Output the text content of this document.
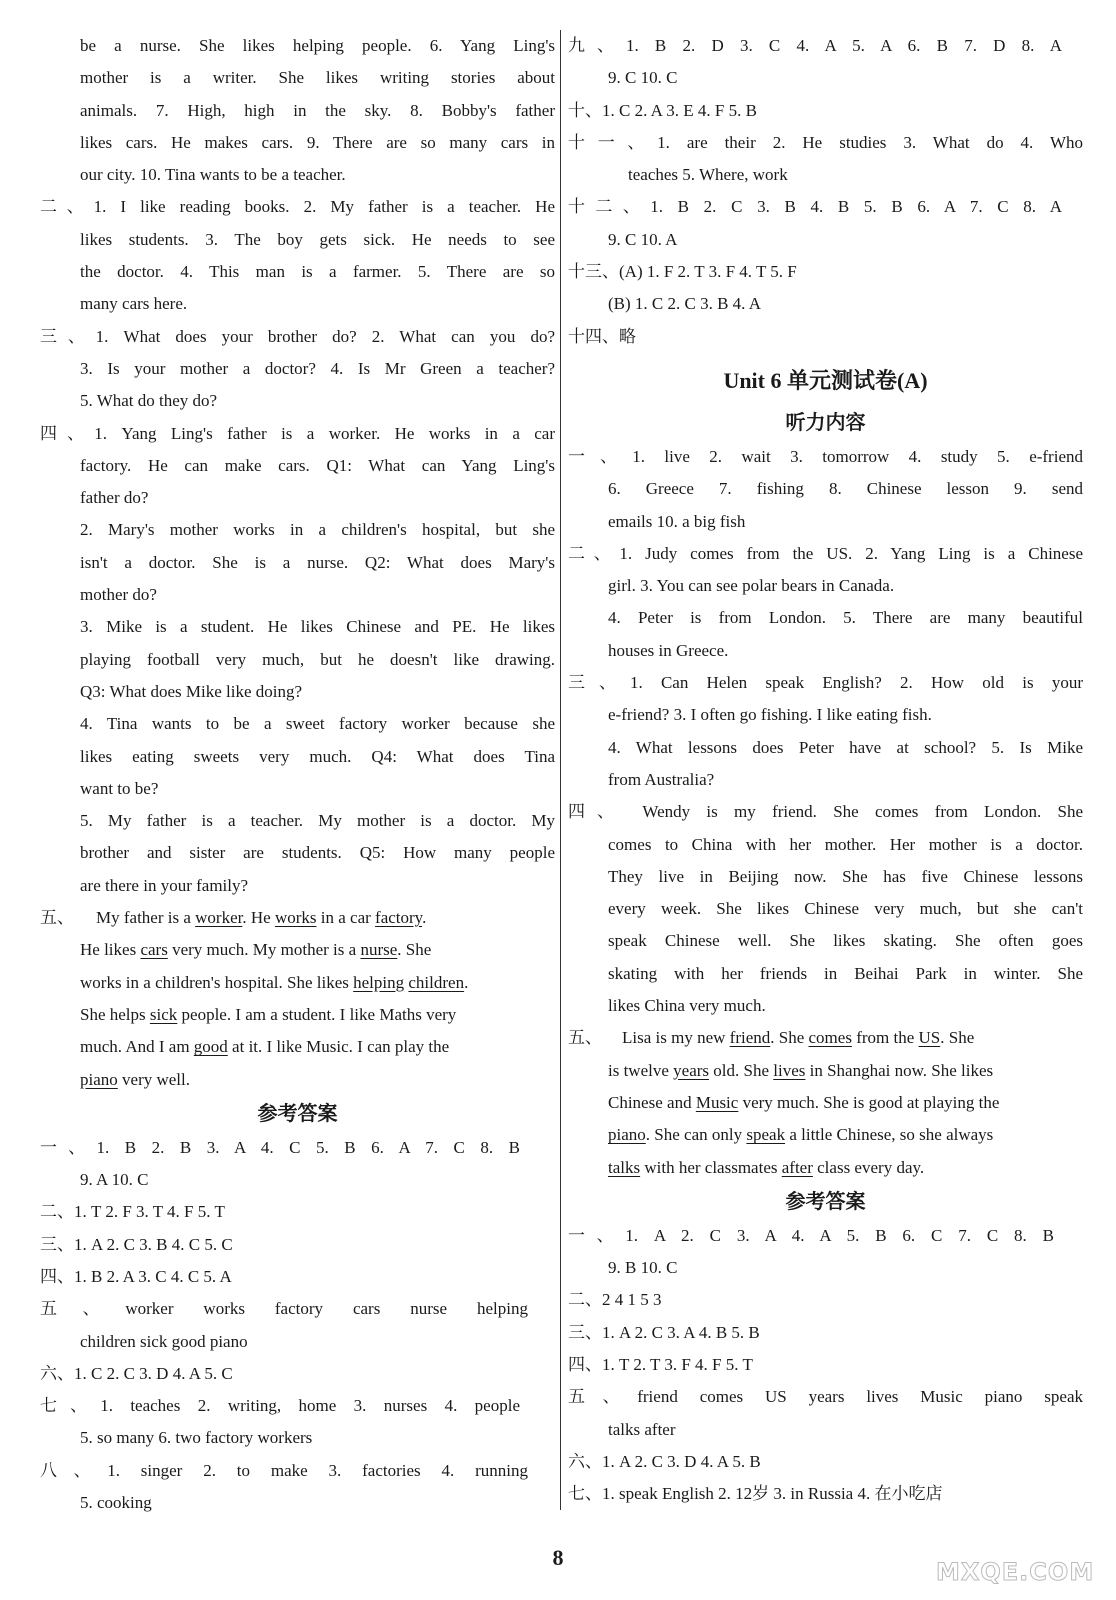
be a nurse. She likes helping people. 6. Yang Ling's
mother is a writer. She likes writing stories about
animals. 7. High, high in the sky. 8. Bobby's father
likes cars. He makes cars. 9. There are so many cars in
our city. 10. Tina wants to be a teacher.
二、1. I like reading books. 2. My father is a teacher. He
likes students. 3. The boy gets sick. He needs to see
the doctor. 4. This man is a farmer. 5. There are so
many cars here.
三、1. What does your brother do? 2. What can you do?
3. Is your mother a doctor? 4. Is Mr Green a teacher?
5. What do they do?
四、1. Yang Ling's father is a worker. He works in a car
factory. He can make cars. Q1: What can Yang Ling's
father do?
2. Mary's mother works in a children's hospital, but she
isn't a doctor. She is a nurse. Q2: What does Mary's
mother do?
3. Mike is a student. He likes Chinese and PE. He likes
playing football very much, but he doesn't like drawing.
Q3: What does Mike like doing?
4. Tina wants to be a sweet factory worker because she
likes eating sweets very much. Q4: What does Tina
want to be?
5. My father is a teacher. My mother is a doctor. My
brother and sister are students. Q5: How many people
are there in your family?
五、 My father is a worker. He works in a car factory.
He likes cars very much. My mother is a nurse. She
works in a children's hospital. She likes helping children.
She helps sick people. I am a student. I like Maths very
much. And I am good at it. I like Music. I can play the
piano very well.
参考答案
一、1. B 2. B 3. A 4. C 5. B 6. A 7. C 8. B
9. A 10. C
二、1. T 2. F 3. T 4. F 5. T
三、1. A 2. C 3. B 4. C 5. C
四、1. B 2. A 3. C 4. C 5. A
五、worker works factory cars nurse helping
children sick good piano
六、1. C 2. C 3. D 4. A 5. C
七、1. teaches 2. writing, home 3. nurses 4. people
5. so many 6. two factory workers
八、1. singer 2. to make 3. factories 4. running
5. cooking
九、1. B 2. D 3. C 4. A 5. A 6. B 7. D 8. A
9. C 10. C
十、1. C 2. A 3. E 4. F 5. B
十一、1. are their 2. He studies 3. What do 4. Who
teaches 5. Where, work
十二、1. B 2. C 3. B 4. B 5. B 6. A 7. C 8. A
9. C 10. A
十三、(A) 1. F 2. T 3. F 4. T 5. F
(B) 1. C 2. C 3. B 4. A
十四、略
Unit 6 单元测试卷(A)
听力内容
一、1. live 2. wait 3. tomorrow 4. study 5. e-friend
6. Greece 7. fishing 8. Chinese lesson 9. send
emails 10. a big fish
二、1. Judy comes from the US. 2. Yang Ling is a Chinese
girl. 3. You can see polar bears in Canada.
4. Peter is from London. 5. There are many beautiful
houses in Greece.
三、1. Can Helen speak English? 2. How old is your
e-friend? 3. I often go fishing. I like eating fish.
4. What lessons does Peter have at school? 5. Is Mike
from Australia?
四、 Wendy is my friend. She comes from London. She
comes to China with her mother. Her mother is a doctor.
They live in Beijing now. She has five Chinese lessons
every week. She likes Chinese very much, but she can't
speak Chinese well. She likes skating. She often goes
skating with her friends in Beihai Park in winter. She
likes China very much.
五、 Lisa is my new friend. She comes from the US. She
is twelve years old. She lives in Shanghai now. She likes
Chinese and Music very much. She is good at playing the
piano. She can only speak a little Chinese, so she always
talks with her classmates after class every day.
参考答案
一、1. A 2. C 3. A 4. A 5. B 6. C 7. C 8. B
9. B 10. C
二、2 4 1 5 3
三、1. A 2. C 3. A 4. B 5. B
四、1. T 2. T 3. F 4. F 5. T
五、friend comes US years lives Music piano speak
talks after
六、1. A 2. C 3. D 4. A 5. B
七、1. speak English 2. 12岁 3. in Russia 4. 在小吃店
8
MXQE.COM
